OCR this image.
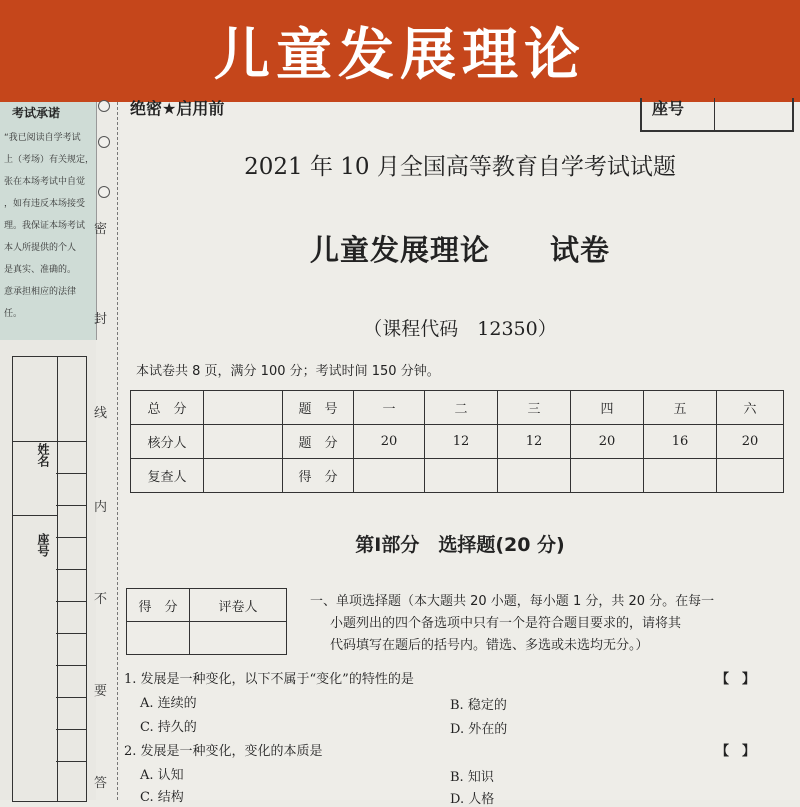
儿童发展理论
考试承诺
“我已阅读自学考试
上（考场）有关规定，
张在本场考试中自觉
，如有违反本场接受
理。我保证本场考试
本人所提供的个人
是真实、准确的。
意承担相应的法律
任。
姓名
座号
密
封
线
内
不
要
答
绝密★启用前	座号
2021 年 10 月全国高等教育自学考试试题
儿童发展理论　　试卷
（课程代码　12350）
本试卷共 8 页，满分 100 分；考试时间 150 分钟。
总　分		题　号	一	二	三	四	五	六
核分人		题　分	20	12	12	20	16	20
复查人		得　分						
第Ⅰ部分　选择题(20 分)
得　分	评卷人
		一、单项选择题（本大题共 20 小题，每小题 1 分，共 20 分。在每一
小题列出的四个备选项中只有一个是符合题目要求的，请将其
代码填写在题后的括号内。错选、多选或未选均无分。）
1. 发展是一种变化，以下不属于“变化”的特性的是	【　】
A. 连续的	B. 稳定的
C. 持久的	D. 外在的
2. 发展是一种变化，变化的本质是	【　】
A. 认知	B. 知识
C. 结构	D. 人格
